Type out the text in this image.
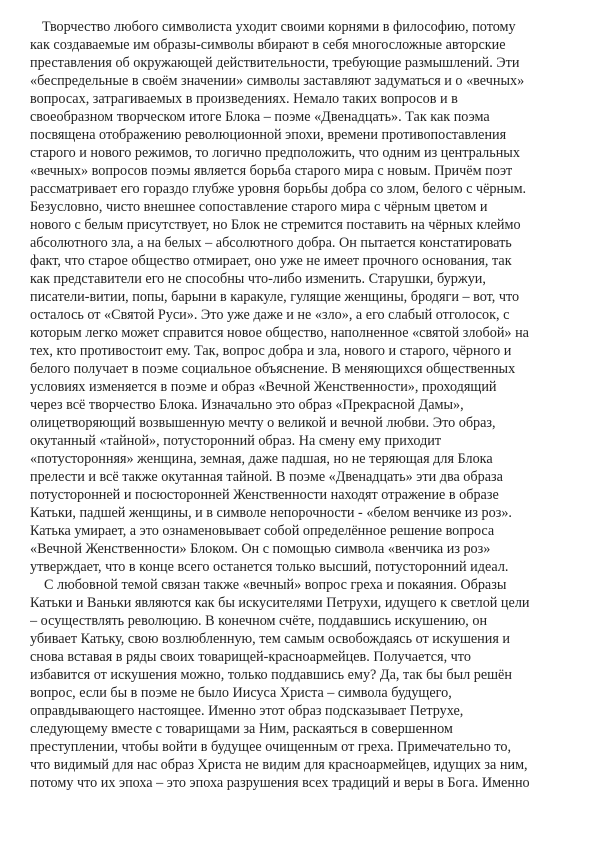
Творчество любого символиста уходит своими корнями в философию, потому
как создаваемые им образы-символы вбирают в себя многосложные авторские
преставления об окружающей действительности, требующие размышлений. Эти
«беспредельные в своём значении» символы заставляют задуматься и о «вечных»
вопросах, затрагиваемых в произведениях. Немало таких вопросов и в
своеобразном творческом итоге Блока – поэме «Двенадцать». Так как поэма
посвящена отображению революционной эпохи, времени противопоставления
старого и нового режимов, то логично предположить, что одним из центральных
«вечных» вопросов поэмы является борьба старого мира с новым. Причём поэт
рассматривает его гораздо глубже уровня борьбы добра со злом, белого с чёрным.
Безусловно, чисто внешнее сопоставление старого мира с чёрным цветом и
нового с белым присутствует, но Блок не стремится поставить на чёрных клеймо
абсолютного зла, а на белых – абсолютного добра. Он пытается констатировать
факт, что старое общество отмирает, оно уже не имеет прочного основания, так
как представители его не способны что-либо изменить. Старушки, буржуи,
писатели-витии, попы, барыни в каракуле, гулящие женщины, бродяги – вот, что
осталось от «Святой Руси». Это уже даже и не «зло», а его слабый отголосок, с
которым легко может справится новое общество, наполненное «святой злобой» на
тех, кто противостоит ему. Так, вопрос добра и зла, нового и старого, чёрного и
белого получает в поэме социальное объяснение. В меняющихся общественных
условиях изменяется в поэме и образ «Вечной Женственности», проходящий
через всё творчество Блока. Изначально это образ «Прекрасной Дамы»,
олицетворяющий возвышенную мечту о великой и вечной любви. Это образ,
окутанный «тайной», потусторонний образ. На смену ему приходит
«потусторонняя» женщина, земная, даже падшая, но не теряющая для Блока
прелести и всё также окутанная тайной. В поэме «Двенадцать» эти два образа
потусторонней и посюсторонней Женственности находят отражение в образе
Катьки, падшей женщины, и в символе непорочности - «белом венчике из роз».
Катька умирает, а это ознаменовывает собой определённое решение вопроса
«Вечной Женственности» Блоком. Он с помощью символа «венчика из роз»
утверждает, что в конце всего останется только высший, потусторонний идеал.
С любовной темой связан также «вечный» вопрос греха и покаяния. Образы
Катьки и Ваньки являются как бы искусителями Петрухи, идущего к светлой цели
– осуществлять революцию. В конечном счёте, поддавшись искушению, он
убивает Катьку, свою возлюбленную, тем самым освобождаясь от искушения и
снова вставая в ряды своих товарищей-красноармейцев. Получается, что
избавится от искушения можно, только поддавшись ему? Да, так бы был решён
вопрос, если бы в поэме не было Иисуса Христа – символа будущего,
оправдывающего настоящее. Именно этот образ подсказывает Петрухе,
следующему вместе с товарищами за Ним, раскаяться в совершенном
преступлении, чтобы войти в будущее очищенным от греха. Примечательно то,
что видимый для нас образ Христа не видим для красноармейцев, идущих за ним,
потому что их эпоха – это эпоха разрушения всех традиций и веры в Бога. Именно
